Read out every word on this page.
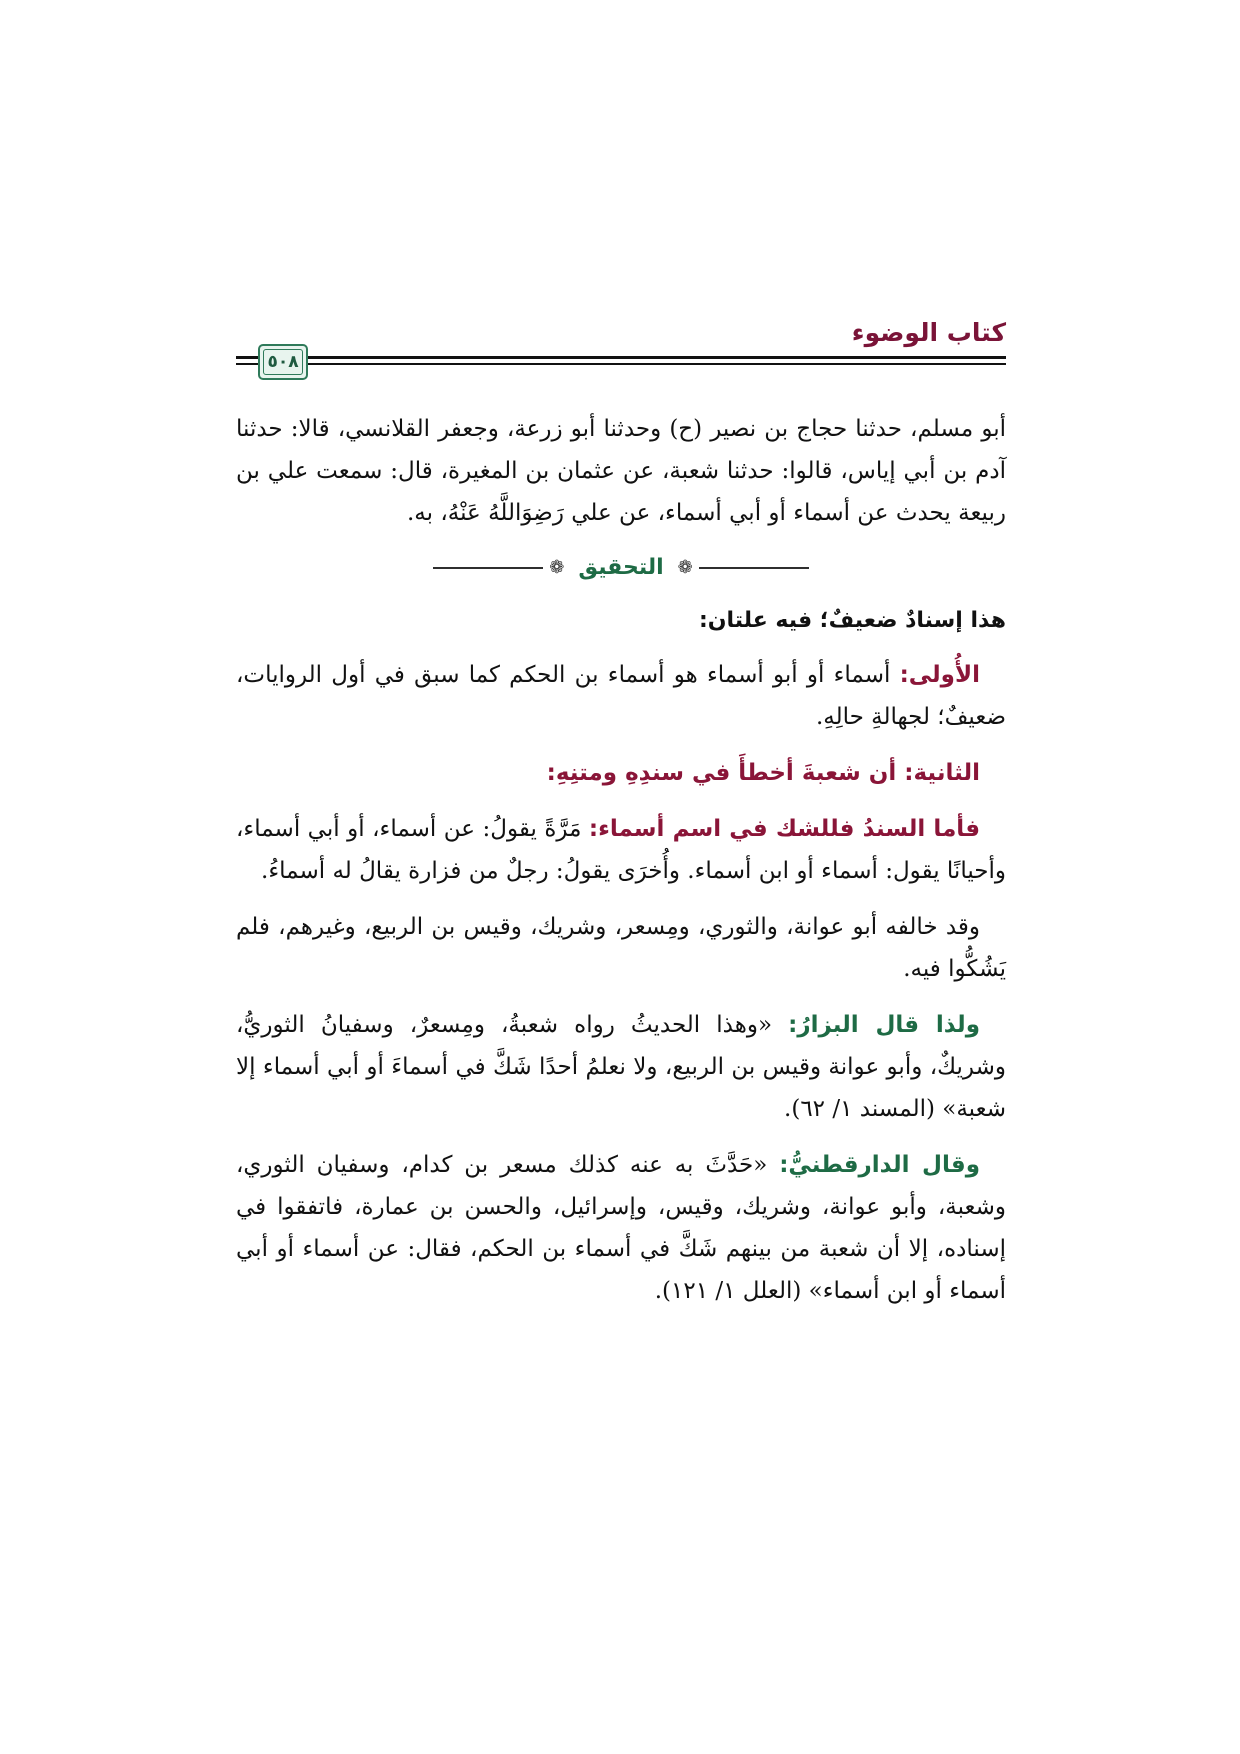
كتاب الوضوء
٥٠٨

أبو مسلم، حدثنا حجاج بن نصير (ح) وحدثنا أبو زرعة، وجعفر القلانسي، قالا: حدثنا آدم بن أبي إياس، قالوا: حدثنا شعبة، عن عثمان بن المغيرة، قال: سمعت علي بن ربيعة يحدث عن أسماء أو أبي أسماء، عن علي رَضِوَاللَّهُ عَنْهُ، به.

❁
التحقيق
❁

هذا إسنادٌ ضعيفٌ؛ فيه علتان:

الأُولى: أسماء أو أبو أسماء هو أسماء بن الحكم كما سبق في أول الروايات، ضعيفٌ؛ لجهالةِ حالِهِ.

الثانية: أن شعبةَ أخطأَ في سندِهِ ومتنِهِ:

فأما السندُ فللشك في اسم أسماء: مَرَّةً يقولُ: عن أسماء، أو أبي أسماء، وأحيانًا يقول: أسماء أو ابن أسماء. وأُخرَى يقولُ: رجلٌ من فزارة يقالُ له أسماءُ.

وقد خالفه أبو عوانة، والثوري، ومِسعر، وشريك، وقيس بن الربيع، وغيرهم، فلم يَشُكُّوا فيه.

ولذا قال البزارُ: «وهذا الحديثُ رواه شعبةُ، ومِسعرٌ، وسفيانُ الثوريُّ، وشريكٌ، وأبو عوانة وقيس بن الربيع، ولا نعلمُ أحدًا شَكَّ في أسماءَ أو أبي أسماء إلا شعبة» (المسند ١/ ٦٢).

وقال الدارقطنيُّ: «حَدَّثَ به عنه كذلك مسعر بن كدام، وسفيان الثوري، وشعبة، وأبو عوانة، وشريك، وقيس، وإسرائيل، والحسن بن عمارة، فاتفقوا في إسناده، إلا أن شعبة من بينهم شَكَّ في أسماء بن الحكم، فقال: عن أسماء أو أبي أسماء أو ابن أسماء» (العلل ١/ ١٢١).
